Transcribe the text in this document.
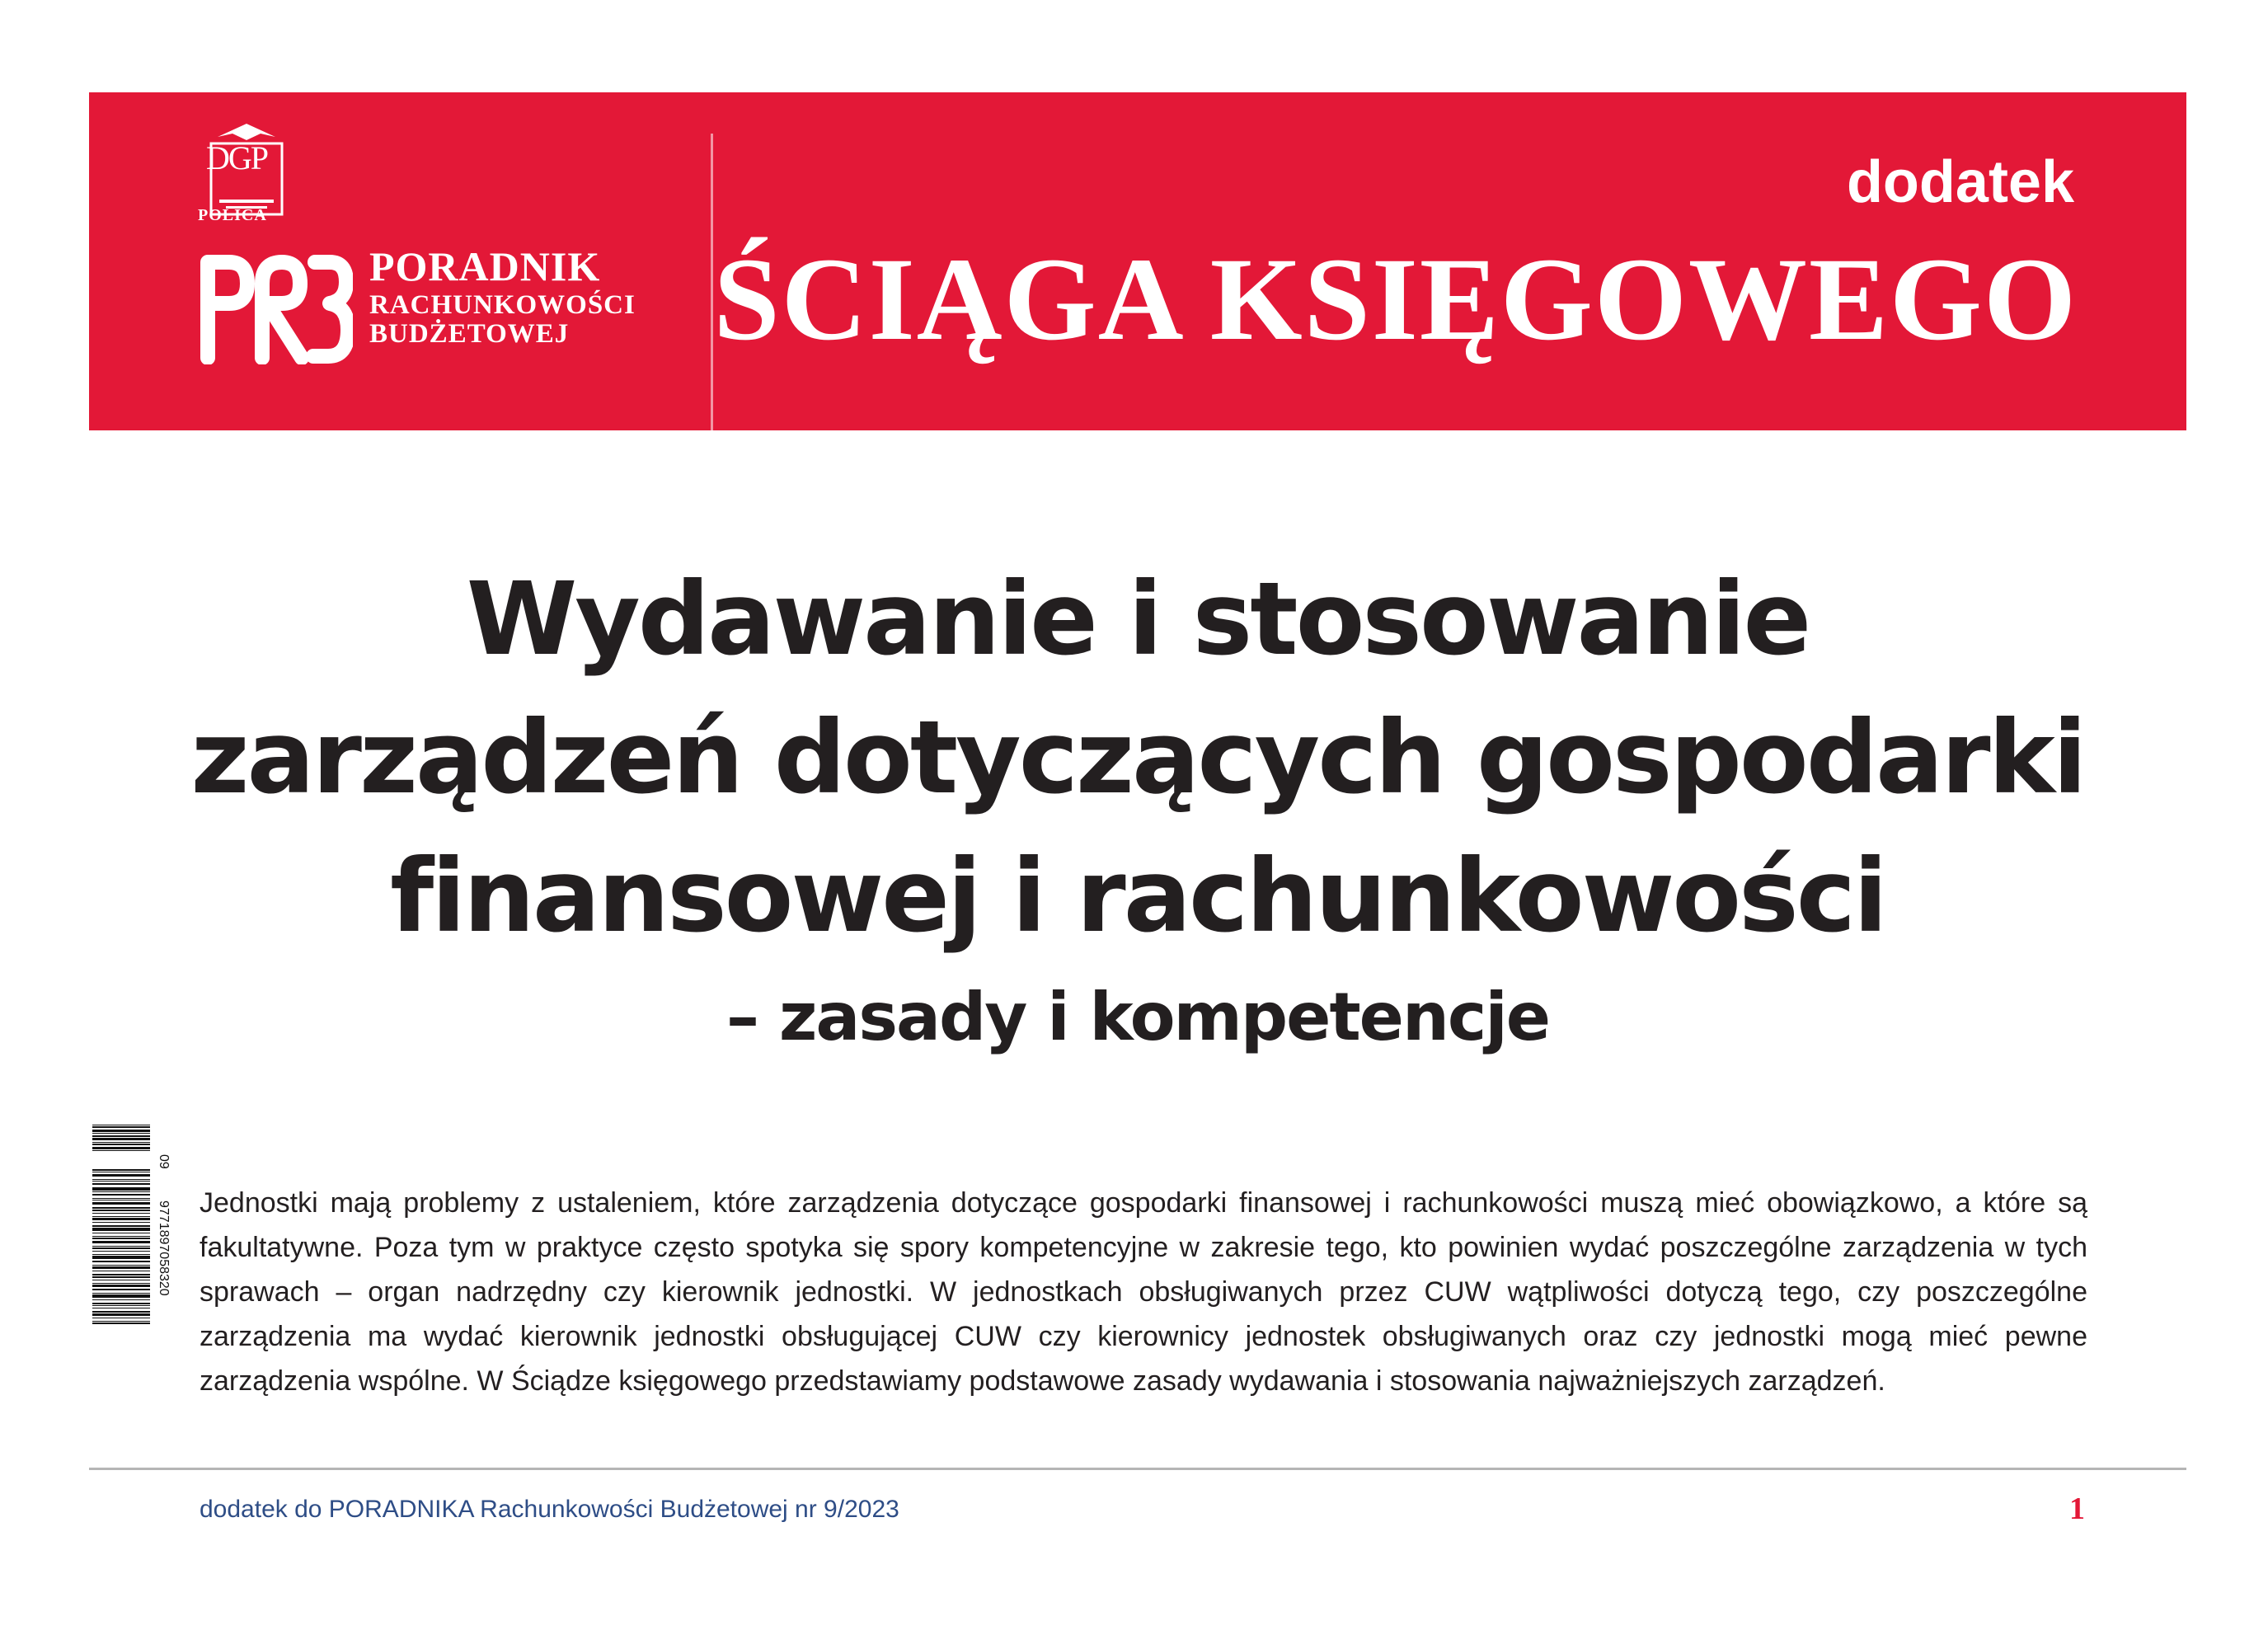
DGP
POLICA
PORADNIK
RACHUNKOWOŚCI
BUDŻETOWEJ
dodatek
ŚCIĄGA KSIĘGOWEGO
Wydawanie i stosowanie
zarządzeń dotyczących gospodarki
finansowej i rachunkowości
– zasady i kompetencje
09
9771897058320 Jednostki mają problemy z ustaleniem, które zarządzenia dotyczące gospodarki finansowej i rachunkowości muszą mieć obowiązkowo, a które są fakultatywne. Poza tym w praktyce często spotyka się spory kompetencyjne w zakresie tego, kto powinien wydać poszczególne zarządzenia w tych sprawach – organ nadrzędny czy kierownik jednostki. W jednostkach obsługiwanych przez CUW wątpliwości dotyczą tego, czy poszczególne zarządzenia ma wydać kierownik jednostki obsługującej CUW czy kierownicy jednostek obsługiwanych oraz czy jednostki mogą mieć pewne zarządzenia wspólne. W Ściądze księgowego przedstawiamy podstawowe zasady wydawania i stosowania najważniejszych zarządzeń.

dodatek do PORADNIKA Rachunkowości Budżetowej nr 9/2023	1
